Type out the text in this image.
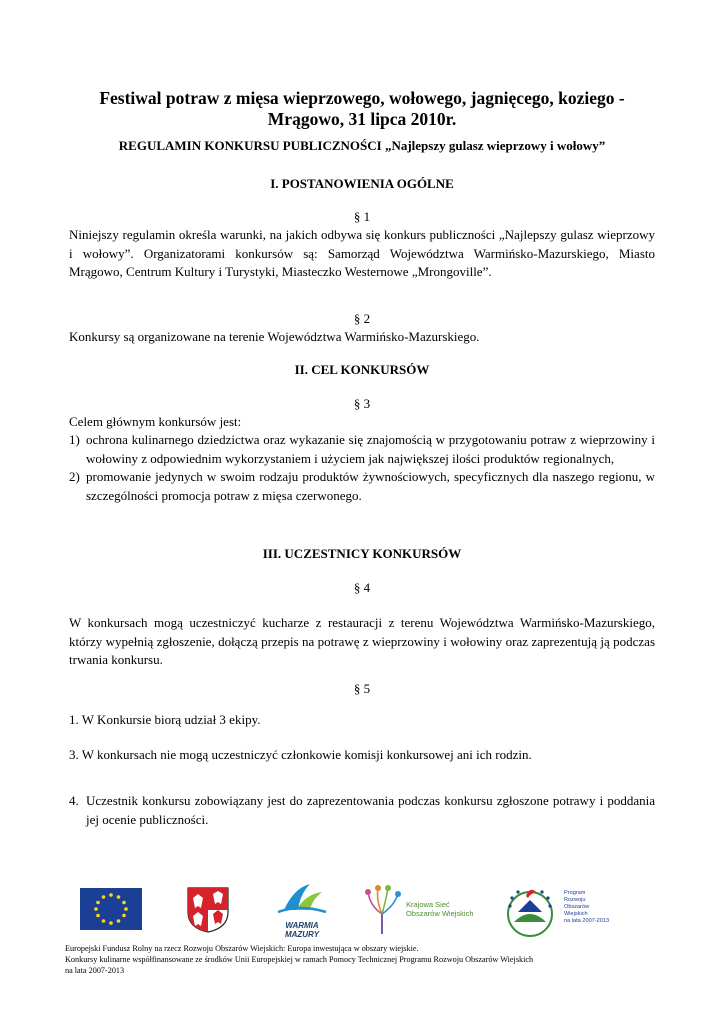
Festiwal potraw z mięsa wieprzowego, wołowego, jagnięcego, koziego -
Mrągowo, 31 lipca 2010r.
REGULAMIN KONKURSU PUBLICZNOŚCI „Najlepszy gulasz wieprzowy i wołowy”
I. POSTANOWIENIA OGÓLNE
§ 1
Niniejszy regulamin określa warunki, na jakich odbywa się konkurs publiczności „Najlepszy gulasz wieprzowy i wołowy”. Organizatorami konkursów są: Samorząd Województwa Warmińsko-Mazurskiego, Miasto Mrągowo, Centrum Kultury i Turystyki, Miasteczko Westernowe „Mrongoville”.
§ 2
Konkursy są organizowane na terenie Województwa Warmińsko-Mazurskiego.
II. CEL KONKURSÓW
§ 3
Celem głównym konkursów jest:
1) ochrona kulinarnego dziedzictwa oraz wykazanie się znajomością w przygotowaniu potraw z wieprzowiny i wołowiny z odpowiednim wykorzystaniem i użyciem jak największej ilości produktów regionalnych,
2) promowanie jedynych w swoim rodzaju produktów żywnościowych, specyficznych dla naszego regionu, w szczególności promocja potraw z mięsa czerwonego.
III. UCZESTNICY KONKURSÓW
§ 4
W konkursach mogą uczestniczyć kucharze z restauracji z terenu Województwa Warmińsko-Mazurskiego, którzy wypełnią zgłoszenie, dołączą przepis na potrawę z wieprzowiny i wołowiny oraz zaprezentują ją podczas trwania konkursu.
§ 5
1. W Konkursie biorą udział 3 ekipy.
3. W konkursach nie mogą uczestniczyć członkowie komisji konkursowej ani ich rodzin.
4. Uczestnik konkursu zobowiązany jest do zaprezentowania podczas konkursu zgłoszone potrawy i poddania jej ocenie publiczności.
WARMIA
MAZURY
Krajowa Sieć
Obszarów Wiejskich
Program
Rozwoju
Obszarów
Wiejskich
na lata 2007-2013
Europejski Fundusz Rolny na rzecz Rozwoju Obszarów Wiejskich: Europa inwestująca w obszary wiejskie.
Konkursy kulinarne współfinansowane ze środków Unii Europejskiej w ramach Pomocy Technicznej Programu Rozwoju Obszarów Wiejskich
na lata 2007-2013
